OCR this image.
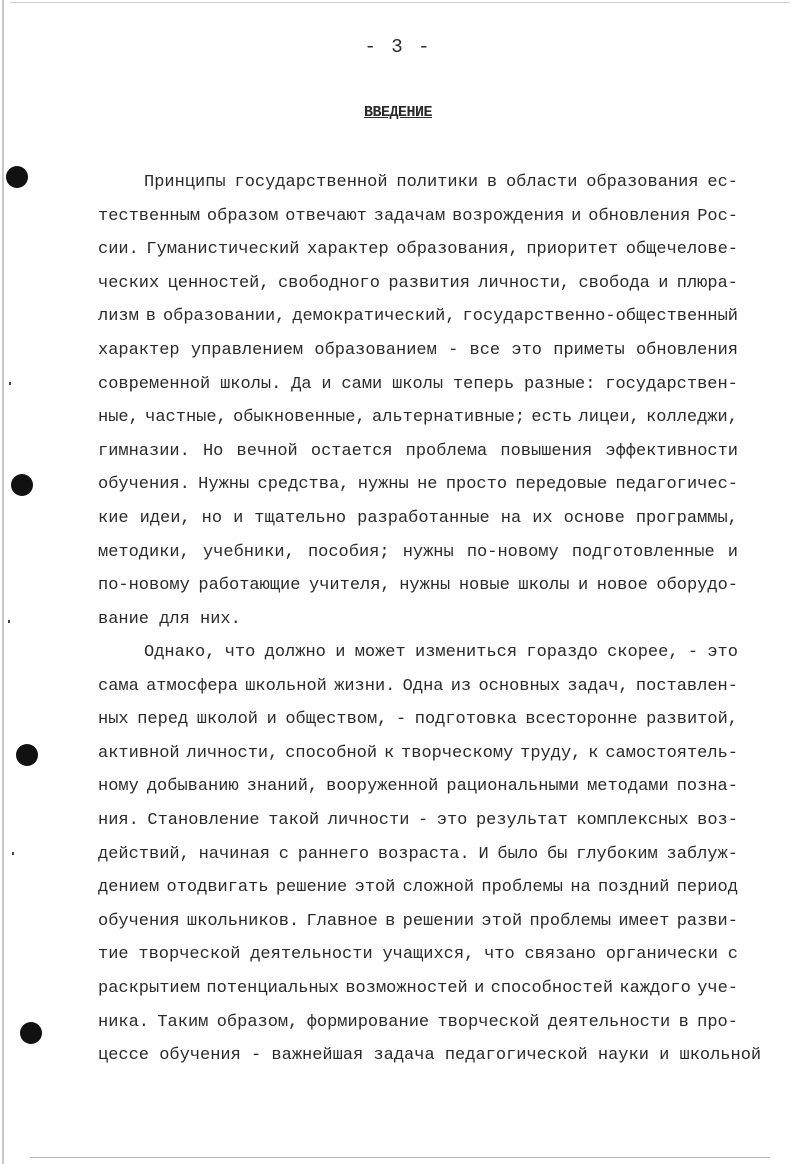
- 3 -
ВВЕДЕНИЕ
Принципы государственной политики в области образования ес-
тественным образом отвечают задачам возрождения и обновления Рос-
сии. Гуманистический характер образования, приоритет общечелове-
ческих ценностей, свободного развития личности, свобода и плюра-
лизм в образовании, демократический, государственно-общественный
характер управлением образованием - все это приметы обновления
современной школы. Да и сами школы теперь разные: государствен-
ные, частные, обыкновенные, альтернативные; есть лицеи, колледжи,
гимназии. Но вечной остается проблема повышения эффективности
обучения. Нужны средства, нужны не просто передовые педагогичес-
кие идеи, но и тщательно разработанные на их основе программы,
методики, учебники, пособия; нужны по-новому подготовленные и
по-новому работающие учителя, нужны новые школы и новое оборудо-
вание для них.
Однако, что должно и может измениться гораздо скорее, - это
сама атмосфера школьной жизни. Одна из основных задач, поставлен-
ных перед школой и обществом, - подготовка всесторонне развитой,
активной личности, способной к творческому труду, к самостоятель-
ному добыванию знаний, вооруженной рациональными методами позна-
ния. Становление такой личности - это результат комплексных воз-
действий, начиная с раннего возраста. И было бы глубоким заблуж-
дением отодвигать решение этой сложной проблемы на поздний период
обучения школьников. Главное в решении этой проблемы имеет разви-
тие творческой деятельности учащихся, что связано органически с
раскрытием потенциальных возможностей и способностей каждого уче-
ника. Таким образом, формирование творческой деятельности в про-
цессе обучения - важнейшая задача педагогической науки и школьной
